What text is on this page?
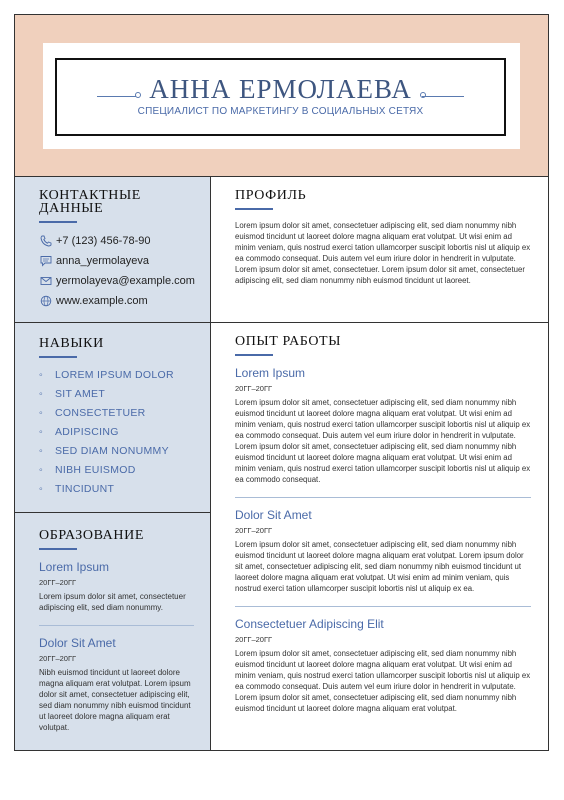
АННА ЕРМОЛАЕВА
СПЕЦИАЛИСТ ПО МАРКЕТИНГУ В СОЦИАЛЬНЫХ СЕТЯХ
КОНТАКТНЫЕ
ДАННЫЕ
+7 (123) 456-78-90
anna_yermolayeva
yermolayeva@example.com
www.example.com
НАВЫКИ
◦ LOREM IPSUM DOLOR
◦ SIT AMET
◦ CONSECTETUER
◦ ADIPISCING
◦ SED DIAM NONUMMY
◦ NIBH EUISMOD
◦ TINCIDUNT
ОБРАЗОВАНИЕ
Lorem Ipsum
20ГГ–20ГГ
Lorem ipsum dolor sit amet, consectetuer adipiscing elit, sed diam nonummy.
Dolor Sit Amet
20ГГ–20ГГ
Nibh euismod tincidunt ut laoreet dolore magna aliquam erat volutpat. Lorem ipsum dolor sit amet, consectetuer adipiscing elit, sed diam nonummy nibh euismod tincidunt ut laoreet dolore magna aliquam erat volutpat.
ПРОФИЛЬ
Lorem ipsum dolor sit amet, consectetuer adipiscing elit, sed diam nonummy nibh euismod tincidunt ut laoreet dolore magna aliquam erat volutpat. Ut wisi enim ad minim veniam, quis nostrud exerci tation ullamcorper suscipit lobortis nisl ut aliquip ex ea commodo consequat. Duis autem vel eum iriure dolor in hendrerit in vulputate. Lorem ipsum dolor sit amet, consectetuer. Lorem ipsum dolor sit amet, consectetuer adipiscing elit, sed diam nonummy nibh euismod tincidunt ut laoreet.
ОПЫТ РАБОТЫ
Lorem Ipsum
20ГГ–20ГГ
Lorem ipsum dolor sit amet, consectetuer adipiscing elit, sed diam nonummy nibh euismod tincidunt ut laoreet dolore magna aliquam erat volutpat. Ut wisi enim ad minim veniam, quis nostrud exerci tation ullamcorper suscipit lobortis nisl ut aliquip ex ea commodo consequat. Duis autem vel eum iriure dolor in hendrerit in vulputate. Lorem ipsum dolor sit amet, consectetuer adipiscing elit, sed diam nonummy nibh euismod tincidunt ut laoreet dolore magna aliquam erat volutpat. Ut wisi enim ad minim veniam, quis nostrud exerci tation ullamcorper suscipit lobortis nisl ut aliquip ex ea commodo consequat.
Dolor Sit Amet
20ГГ–20ГГ
Lorem ipsum dolor sit amet, consectetuer adipiscing elit, sed diam nonummy nibh euismod tincidunt ut laoreet dolore magna aliquam erat volutpat. Lorem ipsum dolor sit amet, consectetuer adipiscing elit, sed diam nonummy nibh euismod tincidunt ut laoreet dolore magna aliquam erat volutpat. Ut wisi enim ad minim veniam, quis nostrud exerci tation ullamcorper suscipit lobortis nisl ut aliquip ex ea.
Consectetuer Adipiscing Elit
20ГГ–20ГГ
Lorem ipsum dolor sit amet, consectetuer adipiscing elit, sed diam nonummy nibh euismod tincidunt ut laoreet dolore magna aliquam erat volutpat. Ut wisi enim ad minim veniam, quis nostrud exerci tation ullamcorper suscipit lobortis nisl ut aliquip ex ea commodo consequat. Duis autem vel eum iriure dolor in hendrerit in vulputate. Lorem ipsum dolor sit amet, consectetuer adipiscing elit, sed diam nonummy nibh euismod tincidunt ut laoreet dolore magna aliquam erat volutpat.
